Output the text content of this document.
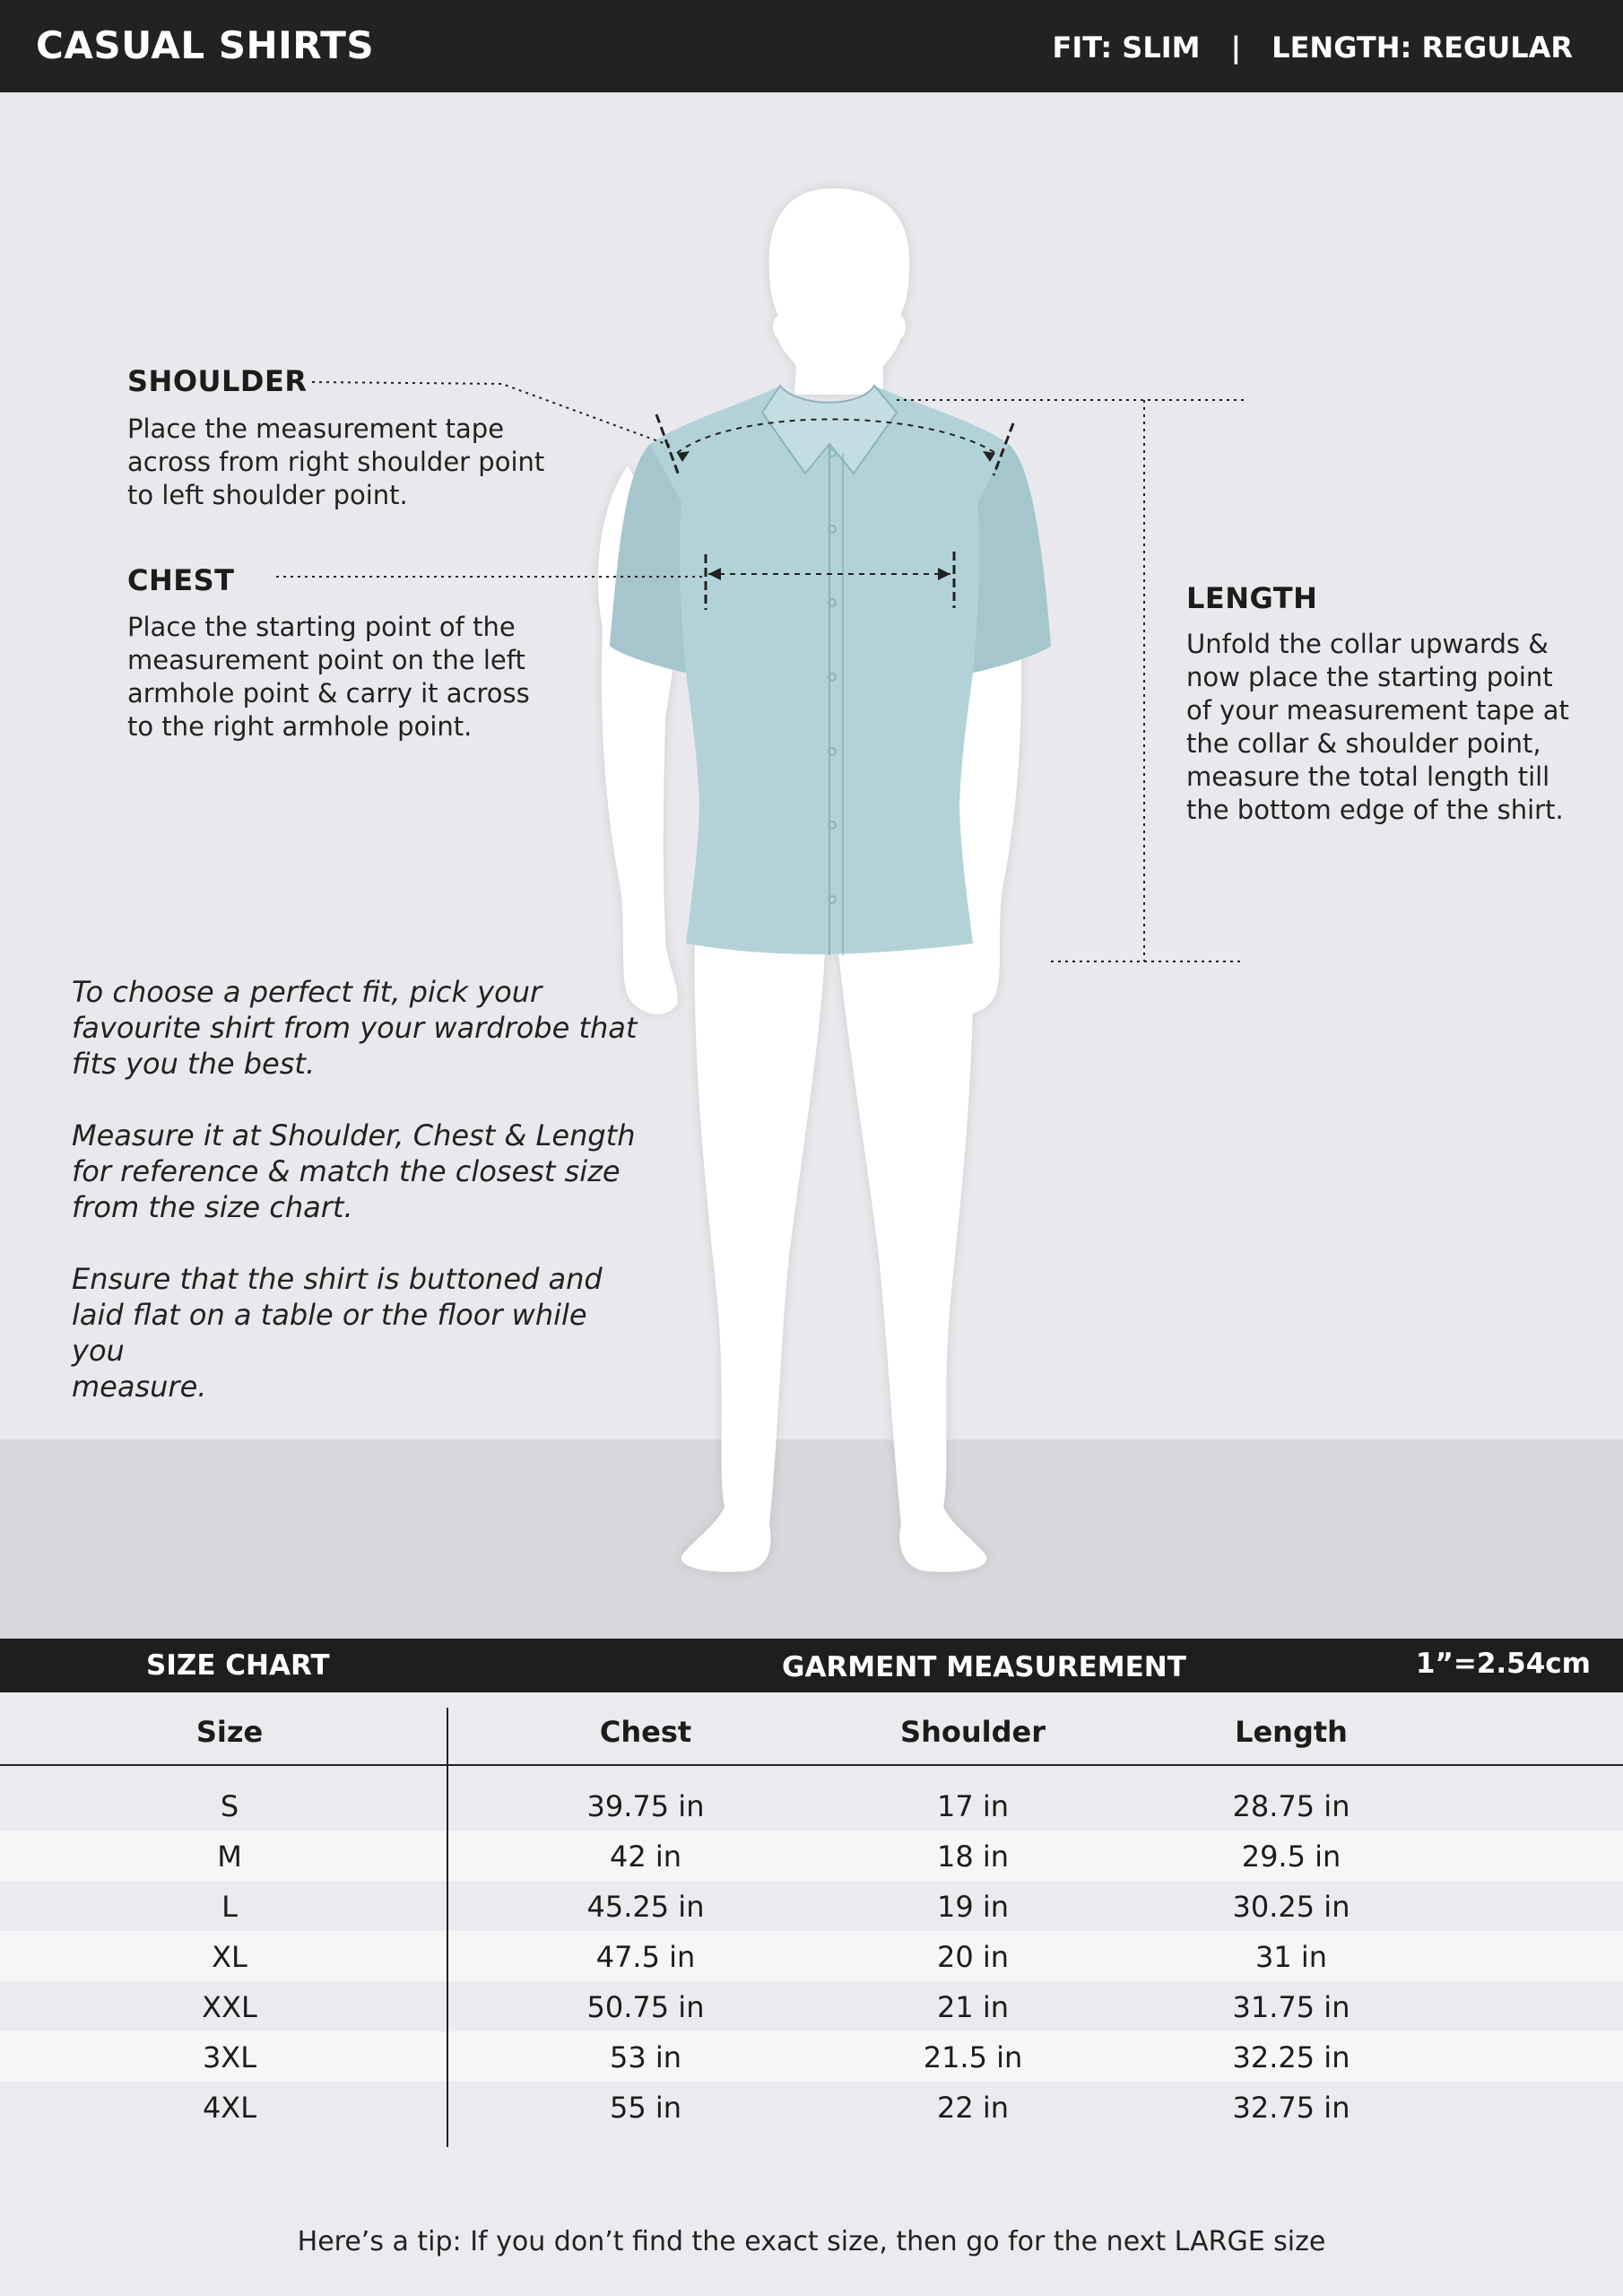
CASUAL SHIRTS	FIT: SLIM | LENGTH: REGULAR
SHOULDER
Place the measurement tape
across from right shoulder point
to left shoulder point.
CHEST
Place the starting point of the
measurement point on the left
armhole point & carry it across
to the right armhole point.
LENGTH
Unfold the collar upwards &
now place the starting point
of your measurement tape at
the collar & shoulder point,
measure the total length till
the bottom edge of the shirt.
To choose a perfect fit, pick your
favourite shirt from your wardrobe that
fits you the best.
Measure it at Shoulder, Chest & Length
for reference & match the closest size
from the size chart.
Ensure that the shirt is buttoned and
laid flat on a table or the floor while you
measure.
SIZE CHART	GARMENT MEASUREMENT	1”=2.54cm
Size	Chest	Shoulder	Length
S	39.75 in	17 in	28.75 in
M	42 in	18 in	29.5 in
L	45.25 in	19 in	30.25 in
XL	47.5 in	20 in	31 in
XXL	50.75 in	21 in	31.75 in
3XL	53 in	21.5 in	32.25 in
4XL	55 in	22 in	32.75 in
Here’s a tip: If you don’t find the exact size, then go for the next LARGE size
